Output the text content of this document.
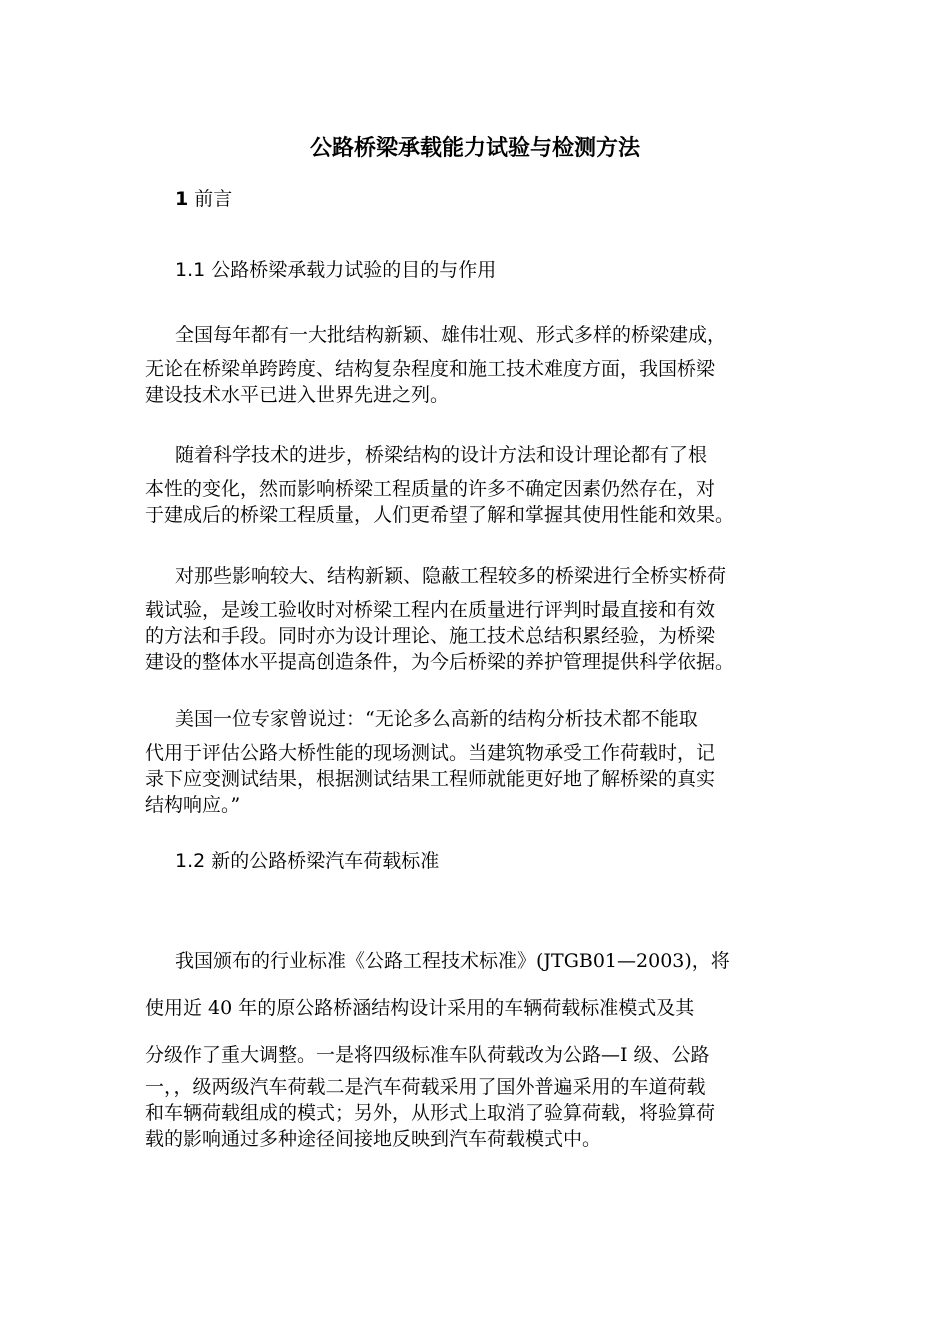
公路桥梁承载能力试验与检测方法
1 前言
1.1 公路桥梁承载力试验的目的与作用
全国每年都有一大批结构新颖、雄伟壮观、形式多样的桥梁建成，
无论在桥梁单跨跨度、结构复杂程度和施工技术难度方面，我国桥梁
建设技术水平已进入世界先进之列。
随着科学技术的进步，桥梁结构的设计方法和设计理论都有了根
本性的变化，然而影响桥梁工程质量的许多不确定因素仍然存在，对
于建成后的桥梁工程质量，人们更希望了解和掌握其使用性能和效果。
对那些影响较大、结构新颖、隐蔽工程较多的桥梁进行全桥实桥荷
载试验，是竣工验收时对桥梁工程内在质量进行评判时最直接和有效
的方法和手段。同时亦为设计理论、施工技术总结积累经验，为桥梁
建设的整体水平提高创造条件，为今后桥梁的养护管理提供科学依据。
美国一位专家曾说过：“无论多么高新的结构分析技术都不能取
代用于评估公路大桥性能的现场测试。当建筑物承受工作荷载时，记
录下应变测试结果，根据测试结果工程师就能更好地了解桥梁的真实
结构响应。”
1.2 新的公路桥梁汽车荷载标准
我国颁布的行业标准《公路工程技术标准》(JTGB01—2003)，将
使用近 40 年的原公路桥涵结构设计采用的车辆荷载标准模式及其
分级作了重大调整。一是将四级标准车队荷载改为公路—I 级、公路
一，，级两级汽车荷载二是汽车荷载采用了国外普遍采用的车道荷载
和车辆荷载组成的模式；另外，从形式上取消了验算荷载，将验算荷
载的影响通过多种途径间接地反映到汽车荷载模式中。
